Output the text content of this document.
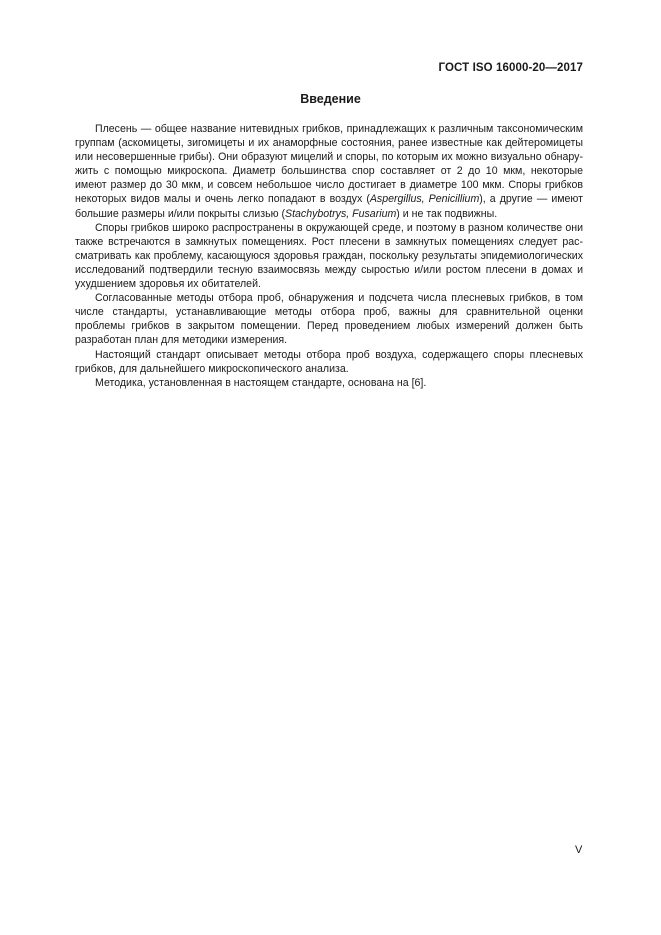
ГОСТ ISO 16000-20—2017
Введение

Плесень — общее название нитевидных грибков, принадлежащих к различным таксономическим группам (аскомицеты, зигомицеты и их анаморфные состояния, ранее известные как дейтеромицеты или несовершенные грибы). Они образуют мицелий и споры, по которым их можно визуально обнаружить с помощью микроскопа. Диаметр большинства спор составляет от 2 до 10 мкм, некоторые имеют размер до 30 мкм, и совсем небольшое число достигает в диаметре 100 мкм. Споры грибков некоторых видов малы и очень легко попадают в воздух (Aspergillus, Penicillium), а другие — имеют большие размеры и/или покрыты слизью (Stachybotrys, Fusarium) и не так подвижны.

Споры грибков широко распространены в окружающей среде, и поэтому в разном количестве они также встречаются в замкнутых помещениях. Рост плесени в замкнутых помещениях следует рассматривать как проблему, касающуюся здоровья граждан, поскольку результаты эпидемиологических исследований подтвердили тесную взаимосвязь между сыростью и/или ростом плесени в домах и ухудшением здоровья их обитателей.

Согласованные методы отбора проб, обнаружения и подсчета числа плесневых грибков, в том числе стандарты, устанавливающие методы отбора проб, важны для сравнительной оценки проблемы грибков в закрытом помещении. Перед проведением любых измерений должен быть разработан план для методики измерения.

Настоящий стандарт описывает методы отбора проб воздуха, содержащего споры плесневых грибков, для дальнейшего микроскопического анализа.

Методика, установленная в настоящем стандарте, основана на [6].

V
